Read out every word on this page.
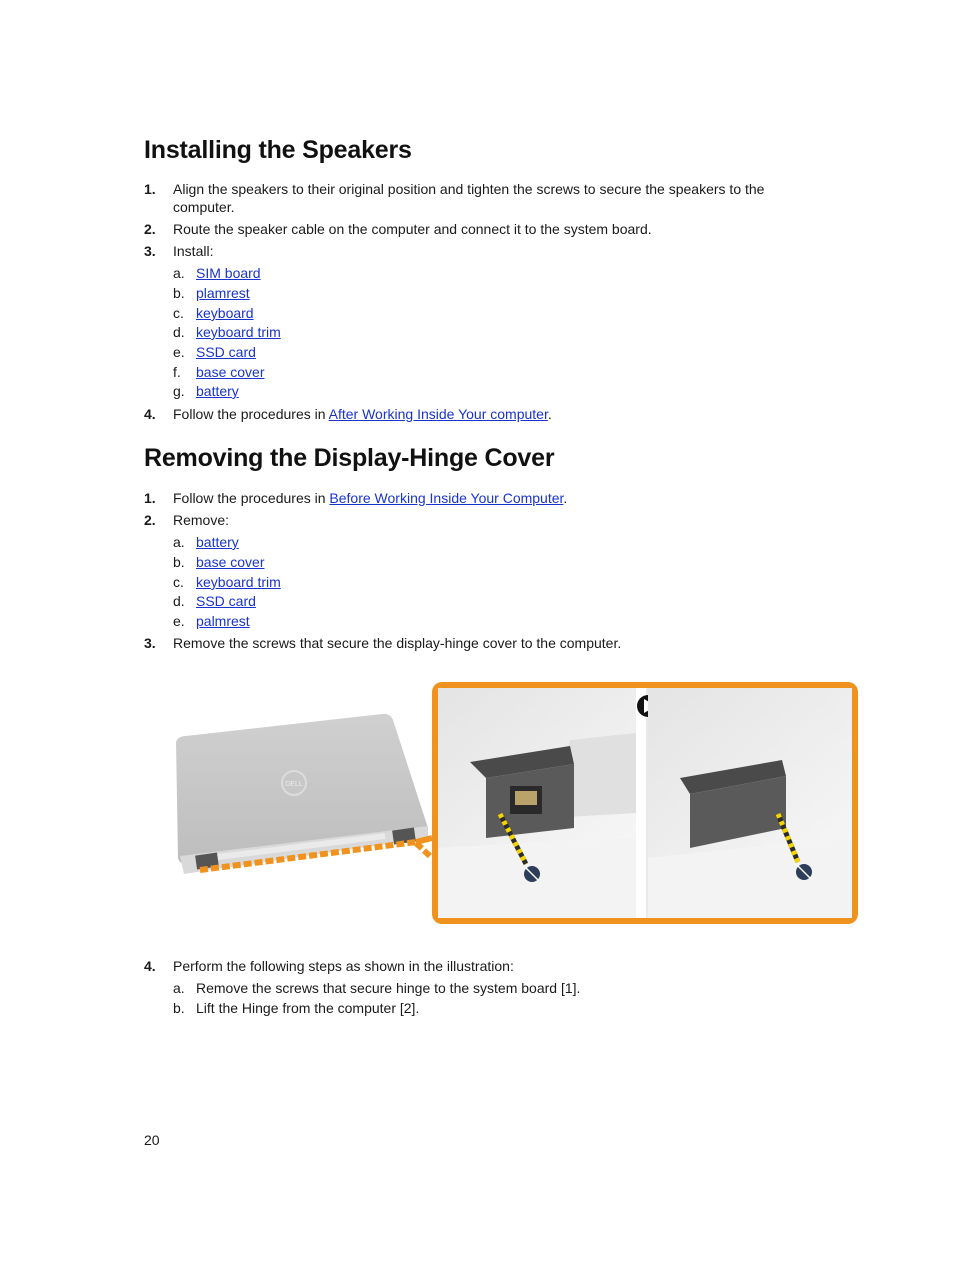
Installing the Speakers
1. Align the speakers to their original position and tighten the screws to secure the speakers to the computer.
2. Route the speaker cable on the computer and connect it to the system board.
3. Install:
a. SIM board
b. plamrest
c. keyboard
d. keyboard trim
e. SSD card
f. base cover
g. battery
4. Follow the procedures in After Working Inside Your computer.
Removing the Display-Hinge Cover
1. Follow the procedures in Before Working Inside Your Computer.
2. Remove:
a. battery
b. base cover
c. keyboard trim
d. SSD card
e. palmrest
3. Remove the screws that secure the display-hinge cover to the computer.
DELL
4. Perform the following steps as shown in the illustration:
a. Remove the screws that secure hinge to the system board [1].
b. Lift the Hinge from the computer [2].
20
